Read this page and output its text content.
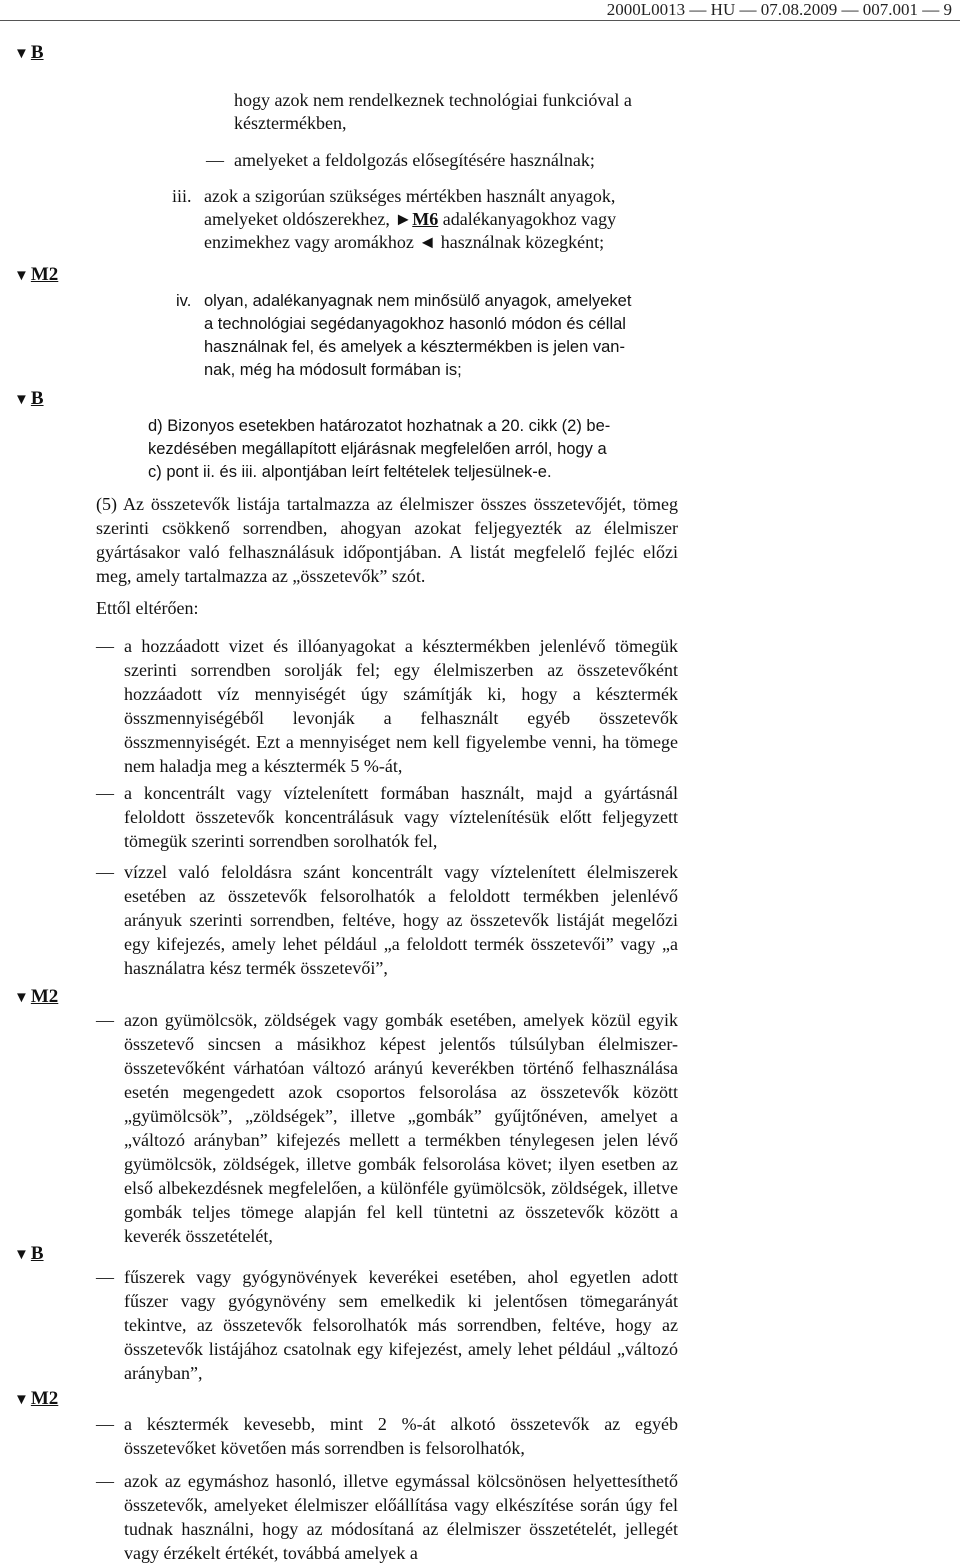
2000L0013 — HU — 07.08.2009 — 007.001 — 9
▼ B
▼ M2
▼ B
▼ M2
▼ B
▼ M2
hogy azok nem rendelkeznek technológiai funkcióval a
késztermékben,
— amelyeket a feldolgozás elősegítésére használnak;
iii. azok a szigorúan szükséges mértékben használt anyagok,
amelyeket oldószerekhez, ►M6 adalékanyagokhoz vagy
enzimekhez vagy aromákhoz ◄ használnak közegként;
iv. olyan, adalékanyagnak nem minősülő anyagok, amelyeket
a technológiai segédanyagokhoz hasonló módon és céllal
használnak fel, és amelyek a késztermékben is jelen van-
nak, még ha módosult formában is;
d) Bizonyos esetekben határozatot hozhatnak a 20. cikk (2) be-
kezdésében megállapított eljárásnak megfelelően arról, hogy a
c) pont ii. és iii. alpontjában leírt feltételek teljesülnek-e.
(5) Az összetevők listája tartalmazza az élelmiszer összes összetevőjét, tömeg szerinti csökkenő sorrendben, ahogyan azokat feljegyezték az élelmiszer gyártásakor való felhasználásuk időpontjában. A listát megfelelő fejléc előzi meg, amely tartalmazza az „összetevők” szót.
Ettől eltérően:
— a hozzáadott vizet és illóanyagokat a késztermékben jelenlévő tömegük szerinti sorrendben sorolják fel; egy élelmiszerben az összetevőként hozzáadott víz mennyiségét úgy számítják ki, hogy a késztermék összmennyiségéből levonják a felhasznált egyéb összetevők összmennyiségét. Ezt a mennyiséget nem kell figyelembe venni, ha tömege nem haladja meg a késztermék 5 %-át,
— a koncentrált vagy víztelenített formában használt, majd a gyártásnál feloldott összetevők koncentrálásuk vagy víztelenítésük előtt feljegyzett tömegük szerinti sorrendben sorolhatók fel,
— vízzel való feloldásra szánt koncentrált vagy víztelenített élelmiszerek esetében az összetevők felsorolhatók a feloldott termékben jelenlévő arányuk szerinti sorrendben, feltéve, hogy az összetevők listáját megelőzi egy kifejezés, amely lehet például „a feloldott termék összetevői” vagy „a használatra kész termék összetevői”,
— azon gyümölcsök, zöldségek vagy gombák esetében, amelyek közül egyik összetevő sincsen a másikhoz képest jelentős túlsúlyban élelmiszer-összetevőként várhatóan változó arányú keverékben történő felhasználása esetén megengedett azok csoportos felsorolása az összetevők között „gyümölcsök”, „zöldségek”, illetve „gombák” gyűjtőnéven, amelyet a „változó arányban” kifejezés mellett a termékben ténylegesen jelen lévő gyümölcsök, zöldségek, illetve gombák felsorolása követ; ilyen esetben az első albekezdésnek megfelelően, a különféle gyümölcsök, zöldségek, illetve gombák teljes tömege alapján fel kell tüntetni az összetevők között a keverék összetételét,
— fűszerek vagy gyógynövények keverékei esetében, ahol egyetlen adott fűszer vagy gyógynövény sem emelkedik ki jelentősen tömegarányát tekintve, az összetevők felsorolhatók más sorrendben, feltéve, hogy az összetevők listájához csatolnak egy kifejezést, amely lehet például „változó arányban”,
— a késztermék kevesebb, mint 2 %-át alkotó összetevők az egyéb összetevőket követően más sorrendben is felsorolhatók,
— azok az egymáshoz hasonló, illetve egymással kölcsönösen helyettesíthető összetevők, amelyeket élelmiszer előállítása vagy elkészítése során úgy fel tudnak használni, hogy az módosítaná az élelmiszer összetételét, jellegét vagy érzékelt értékét, továbbá amelyek a
